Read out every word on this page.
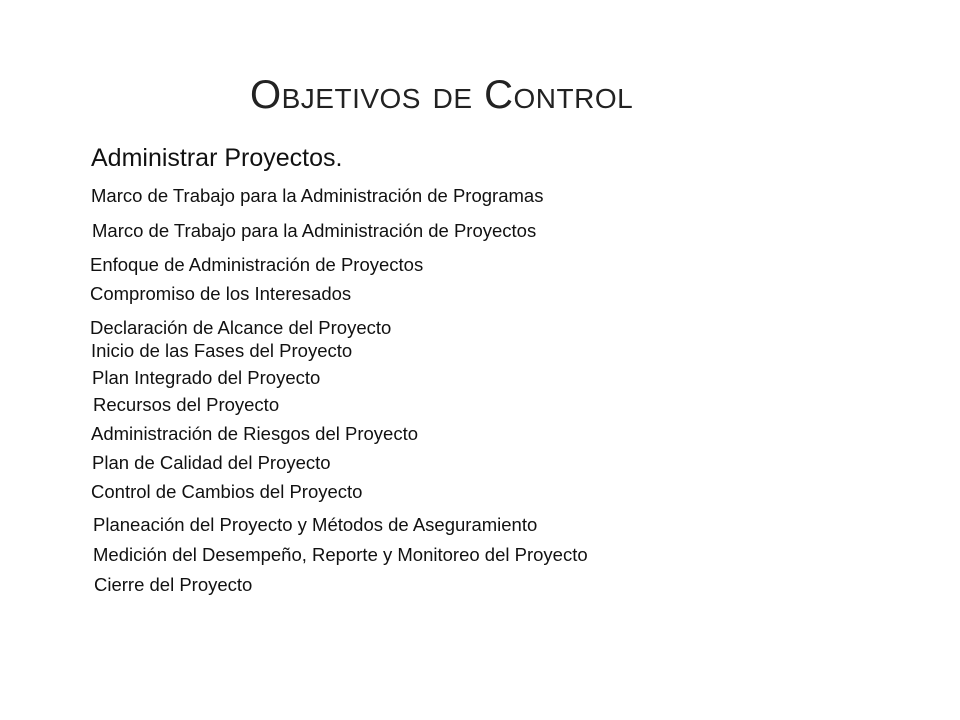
Objetivos de Control
Administrar Proyectos.
Marco de Trabajo para la Administración de Programas
Marco de Trabajo para la Administración de Proyectos
Enfoque de Administración de Proyectos
Compromiso de los Interesados
Declaración de Alcance del Proyecto
Inicio de las Fases del Proyecto
Plan Integrado del Proyecto
Recursos del Proyecto
Administración de Riesgos del Proyecto
Plan de Calidad del Proyecto
Control de Cambios del Proyecto
Planeación del Proyecto y Métodos de Aseguramiento
Medición del Desempeño, Reporte y Monitoreo del Proyecto
Cierre del Proyecto
